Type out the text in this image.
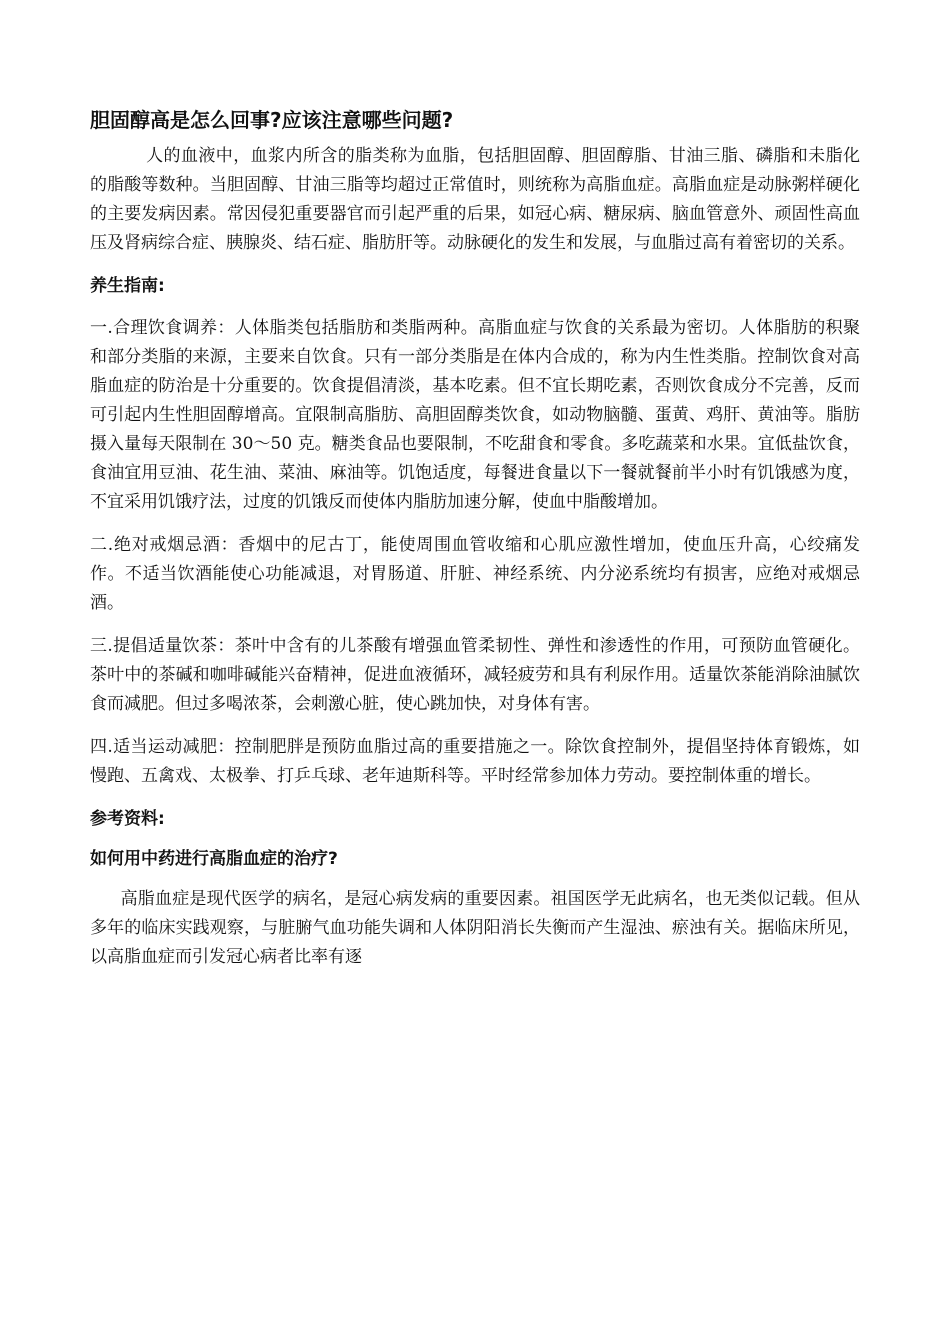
胆固醇高是怎么回事?应该注意哪些问题?

人的血液中，血浆内所含的脂类称为血脂，包括胆固醇、胆固醇脂、甘油三脂、磷脂和未脂化的脂酸等数种。当胆固醇、甘油三脂等均超过正常值时，则统称为高脂血症。高脂血症是动脉粥样硬化的主要发病因素。常因侵犯重要器官而引起严重的后果，如冠心病、糖尿病、脑血管意外、顽固性高血压及肾病综合症、胰腺炎、结石症、脂肪肝等。动脉硬化的发生和发展，与血脂过高有着密切的关系。

养生指南:

一.合理饮食调养：人体脂类包括脂肪和类脂两种。高脂血症与饮食的关系最为密切。人体脂肪的积聚和部分类脂的来源，主要来自饮食。只有一部分类脂是在体内合成的，称为内生性类脂。控制饮食对高脂血症的防治是十分重要的。饮食提倡清淡，基本吃素。但不宜长期吃素，否则饮食成分不完善，反而可引起内生性胆固醇增高。宜限制高脂肪、高胆固醇类饮食，如动物脑髓、蛋黄、鸡肝、黄油等。脂肪摄入量每天限制在 30～50 克。糖类食品也要限制，不吃甜食和零食。多吃蔬菜和水果。宜低盐饮食，食油宜用豆油、花生油、菜油、麻油等。饥饱适度，每餐进食量以下一餐就餐前半小时有饥饿感为度，不宜采用饥饿疗法，过度的饥饿反而使体内脂肪加速分解，使血中脂酸增加。

二.绝对戒烟忌酒：香烟中的尼古丁，能使周围血管收缩和心肌应激性增加，使血压升高，心绞痛发作。不适当饮酒能使心功能减退，对胃肠道、肝脏、神经系统、内分泌系统均有损害，应绝对戒烟忌酒。

三.提倡适量饮茶：茶叶中含有的儿茶酸有增强血管柔韧性、弹性和渗透性的作用，可预防血管硬化。茶叶中的茶碱和咖啡碱能兴奋精神，促进血液循环，减轻疲劳和具有利尿作用。适量饮茶能消除油腻饮食而减肥。但过多喝浓茶，会刺激心脏，使心跳加快，对身体有害。

四.适当运动减肥：控制肥胖是预防血脂过高的重要措施之一。除饮食控制外，提倡坚持体育锻炼，如慢跑、五禽戏、太极拳、打乒乓球、老年迪斯科等。平时经常参加体力劳动。要控制体重的增长。

参考资料:
如何用中药进行高脂血症的治疗?

高脂血症是现代医学的病名，是冠心病发病的重要因素。祖国医学无此病名，也无类似记载。但从多年的临床实践观察，与脏腑气血功能失调和人体阴阳消长失衡而产生湿浊、瘀浊有关。据临床所见，以高脂血症而引发冠心病者比率有逐
